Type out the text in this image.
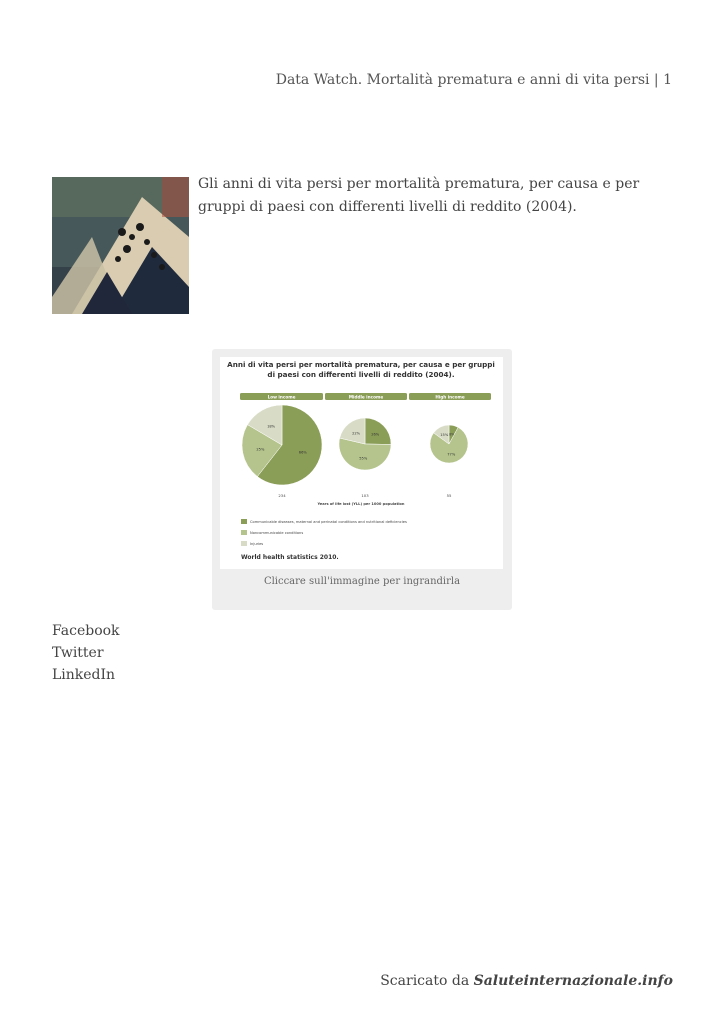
Data Watch. Mortalità prematura e anni di vita persi | 1
Gli anni di vita persi per mortalità prematura, per causa e per gruppi di paesi con differenti livelli di reddito (2004).
Anni di vita persi per mortalità prematura, per causa e per gruppi
di paesi con differenti livelli di reddito (2004).
Low income
66%
25%
18%
234
Middle income
26%
55%
22%
103
High income
8%
77%
15%
55
Years of life lost (YLL) per 1000 population
Communicable diseases, maternal and perinatal conditions and nutritional deficiencies
Noncommunicable conditions
Injuries
World health statistics 2010.
Cliccare sull'immagine per ingrandirla
Facebook
Twitter
LinkedIn
Scaricato da Saluteinternazionale.info
